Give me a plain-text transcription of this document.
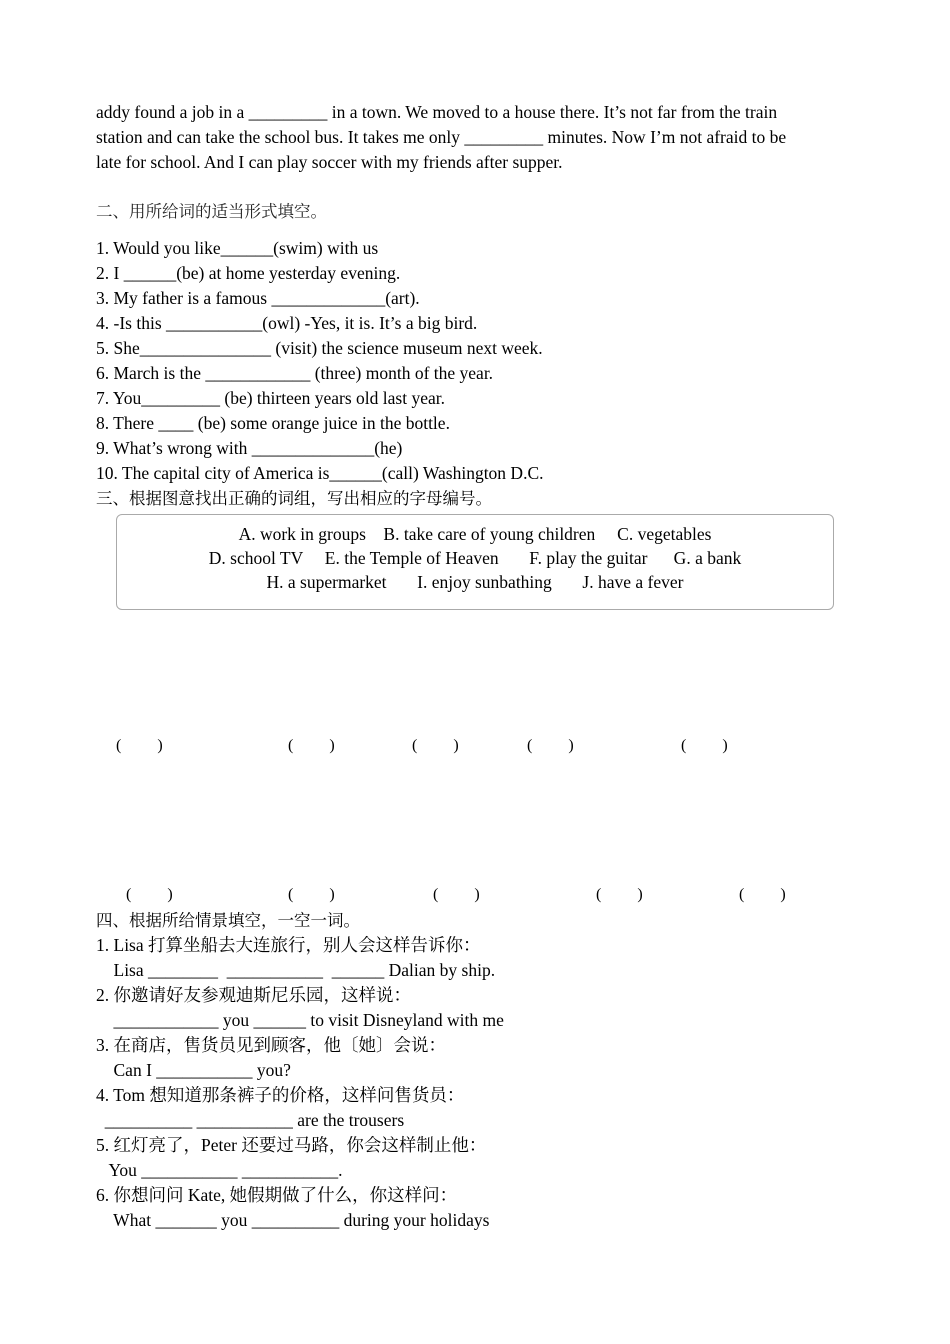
addy found a job in a _________ in a town. We moved to a house there. It’s not far from the train
station and can take the school bus. It takes me only _________ minutes. Now I’m not afraid to be
late for school. And I can play soccer with my friends after supper.
二、用所给词的适当形式填空。
1. Would you like______(swim) with us
2. I ______(be) at home yesterday evening.
3. My father is a famous _____________(art).
4. -Is this ___________(owl) -Yes, it is. It’s a big bird.
5. She_______________ (visit) the science museum next week.
6. March is the ____________ (three) month of the year.
7. You_________ (be) thirteen years old last year.
8. There ____ (be) some orange juice in the bottle.
9. What’s wrong with ______________(he)
10. The capital city of America is______(call) Washington D.C.
三、根据图意找出正确的词组，写出相应的字母编号。
A. work in groups    B. take care of young children     C. vegetables
D. school TV     E. the Temple of Heaven       F. play the guitar      G. a bank
H. a supermarket       I. enjoy sunbathing       J. have a fever
(         )	(         )	(         )	(         )	(         )
(         )	(         )	(         )	(         )	(         )
四、根据所给情景填空，一空一词。
1. Lisa 打算坐船去大连旅行，别人会这样告诉你：
Lisa ________  ___________  ______ Dalian by ship.
2. 你邀请好友参观迪斯尼乐园，这样说：
____________ you ______ to visit Disneyland with me
3. 在商店，售货员见到顾客，他〔她〕会说：
Can I ___________ you?
4. Tom 想知道那条裤子的价格，这样问售货员：
__________ ___________ are the trousers
5. 红灯亮了，Peter 还要过马路，你会这样制止他：
You ___________ ___________.
6. 你想问问 Kate, 她假期做了什么，你这样问：
What _______ you __________ during your holidays
